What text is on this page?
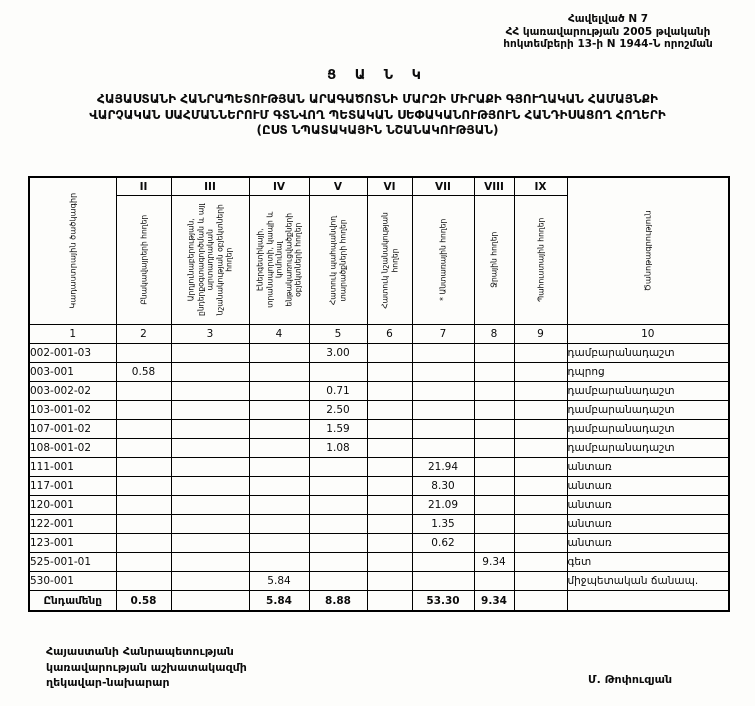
Հավելված N 7
ՀՀ կառավարության 2005 թվականի
հոկտեմբերի 13-ի N 1944-Ն որոշման
Ց Ա Ն Կ
ՀԱՅԱՍՏԱՆԻ ՀԱՆՐԱՊԵՏՈՒԹՅԱՆ ԱՐԱԳԱԾՈՏՆԻ ՄԱՐԶԻ ՄԻՐԱՔԻ ԳՅՈՒՂԱԿԱՆ ՀԱՄԱՅՆՔԻ
ՎԱՐՉԱԿԱՆ ՍԱՀՄԱՆՆԵՐՈՒՄ ԳՏՆՎՈՂ ՊԵՏԱԿԱՆ ՍԵՓԱԿԱՆՈՒԹՅՈՒՆ ՀԱՆԴԻՍԱՑՈՂ ՀՈՂԵՐԻ
(ԸՍՏ ՆՊԱՏԱԿԱՅԻՆ ՆՇԱՆԱԿՈՒԹՅԱՆ)
Կադաստրային ծածկագիր	II	III	IV	V	VI	VII	VIII	IX	Ծանոթագրություն

	Բնակավայրերի հողեր	Արդյունաբերության, ընդերքօգտագործման և այլ արտադրական նշանակության օբյեկտների հողեր	Էներգետիկայի, տրանսպորտի, կապի և կոմունալ ենթակառուցվածքների օբյեկտների հողեր	Հատուկ պահպանվող տարածքների հողեր	Հատուկ նշանակության հողեր	* Անտառային հողեր	Ջրային հողեր	Պահուստային հողեր	

1	2	3	4	5	6	7	8	9	10
002-001-03				3.00					դամբարանադաշտ
003-001	0.58								դպրոց
003-002-02				0.71					դամբարանադաշտ
103-001-02				2.50					դամբարանադաշտ
107-001-02				1.59					դամբարանադաշտ
108-001-02				1.08					դամբարանադաշտ
111-001						21.94			անտառ
117-001						8.30			անտառ
120-001						21.09			անտառ
122-001						1.35			անտառ
123-001						0.62			անտառ
525-001-01							9.34		գետ
530-001			5.84						միջպետական ճանապ.
Ընդամենը	0.58		5.84	8.88		53.30	9.34		
Հայաստանի Հանրապետության
կառավարության աշխատակազմի
ղեկավար-նախարար	Մ. Թոփուզյան
